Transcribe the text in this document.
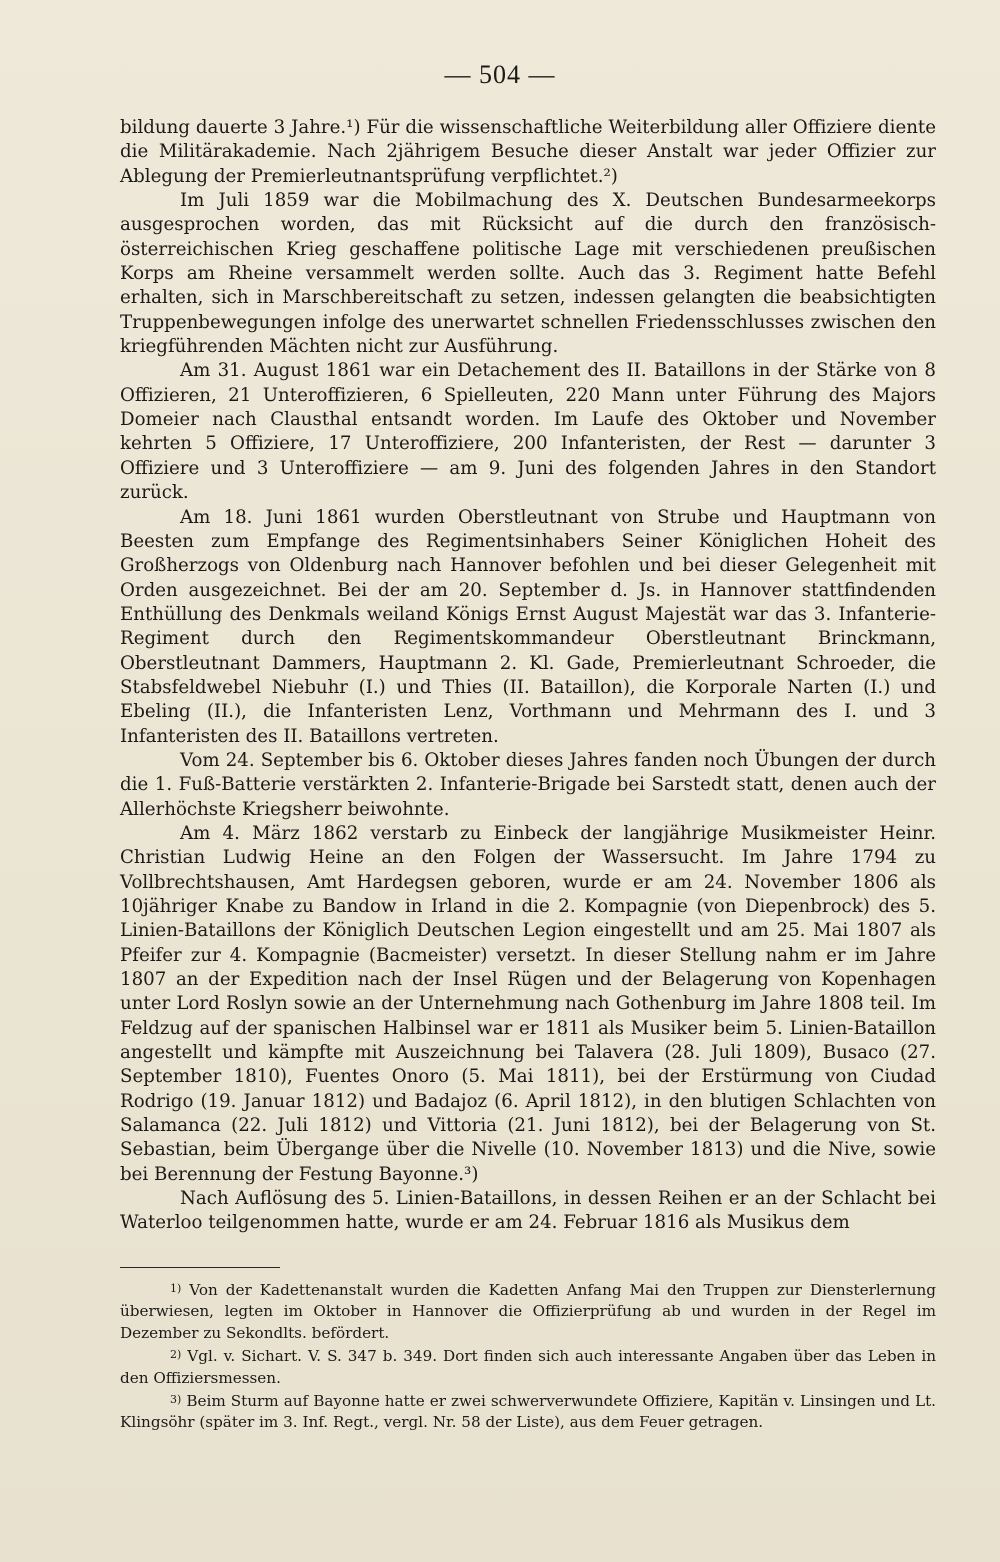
— 504 —

bildung dauerte 3 Jahre.¹) Für die wissenschaftliche Weiterbildung aller Offiziere diente die Militärakademie. Nach 2jährigem Besuche dieser Anstalt war jeder Offizier zur Ablegung der Premierleutnantsprüfung verpflichtet.²)

Im Juli 1859 war die Mobilmachung des X. Deutschen Bundesarmeekorps ausgesprochen worden, das mit Rücksicht auf die durch den französisch-österreichischen Krieg geschaffene politische Lage mit verschiedenen preußischen Korps am Rheine versammelt werden sollte. Auch das 3. Regiment hatte Befehl erhalten, sich in Marschbereitschaft zu setzen, indessen gelangten die beabsichtigten Truppenbewegungen infolge des unerwartet schnellen Friedensschlusses zwischen den kriegführenden Mächten nicht zur Ausführung.

Am 31. August 1861 war ein Detachement des II. Bataillons in der Stärke von 8 Offizieren, 21 Unteroffizieren, 6 Spielleuten, 220 Mann unter Führung des Majors Domeier nach Clausthal entsandt worden. Im Laufe des Oktober und November kehrten 5 Offiziere, 17 Unteroffiziere, 200 Infanteristen, der Rest — darunter 3 Offiziere und 3 Unteroffiziere — am 9. Juni des folgenden Jahres in den Standort zurück.

Am 18. Juni 1861 wurden Oberstleutnant von Strube und Hauptmann von Beesten zum Empfange des Regimentsinhabers Seiner Königlichen Hoheit des Großherzogs von Oldenburg nach Hannover befohlen und bei dieser Gelegenheit mit Orden ausgezeichnet. Bei der am 20. September d. Js. in Hannover stattfindenden Enthüllung des Denkmals weiland Königs Ernst August Majestät war das 3. Infanterie-Regiment durch den Regimentskommandeur Oberstleutnant Brinckmann, Oberstleutnant Dammers, Hauptmann 2. Kl. Gade, Premierleutnant Schroeder, die Stabsfeldwebel Niebuhr (I.) und Thies (II. Bataillon), die Korporale Narten (I.) und Ebeling (II.), die Infanteristen Lenz, Vorthmann und Mehrmann des I. und 3 Infanteristen des II. Bataillons vertreten.

Vom 24. September bis 6. Oktober dieses Jahres fanden noch Übungen der durch die 1. Fuß-Batterie verstärkten 2. Infanterie-Brigade bei Sarstedt statt, denen auch der Allerhöchste Kriegsherr beiwohnte.

Am 4. März 1862 verstarb zu Einbeck der langjährige Musikmeister Heinr. Christian Ludwig Heine an den Folgen der Wassersucht. Im Jahre 1794 zu Vollbrechtshausen, Amt Hardegsen geboren, wurde er am 24. November 1806 als 10jähriger Knabe zu Bandow in Irland in die 2. Kompagnie (von Diepenbrock) des 5. Linien-Bataillons der Königlich Deutschen Legion eingestellt und am 25. Mai 1807 als Pfeifer zur 4. Kompagnie (Bacmeister) versetzt. In dieser Stellung nahm er im Jahre 1807 an der Expedition nach der Insel Rügen und der Belagerung von Kopenhagen unter Lord Roslyn sowie an der Unternehmung nach Gothenburg im Jahre 1808 teil. Im Feldzug auf der spanischen Halbinsel war er 1811 als Musiker beim 5. Linien-Bataillon angestellt und kämpfte mit Auszeichnung bei Talavera (28. Juli 1809), Busaco (27. September 1810), Fuentes Onoro (5. Mai 1811), bei der Erstürmung von Ciudad Rodrigo (19. Januar 1812) und Badajoz (6. April 1812), in den blutigen Schlachten von Salamanca (22. Juli 1812) und Vittoria (21. Juni 1812), bei der Belagerung von St. Sebastian, beim Übergange über die Nivelle (10. November 1813) und die Nive, sowie bei Berennung der Festung Bayonne.³)

Nach Auflösung des 5. Linien-Bataillons, in dessen Reihen er an der Schlacht bei Waterloo teilgenommen hatte, wurde er am 24. Februar 1816 als Musikus dem

1) Von der Kadettenanstalt wurden die Kadetten Anfang Mai den Truppen zur Diensterlernung überwiesen, legten im Oktober in Hannover die Offizierprüfung ab und wurden in der Regel im Dezember zu Sekondlts. befördert.

2) Vgl. v. Sichart. V. S. 347 b. 349. Dort finden sich auch interessante Angaben über das Leben in den Offiziersmessen.

3) Beim Sturm auf Bayonne hatte er zwei schwerverwundete Offiziere, Kapitän v. Linsingen und Lt. Klingsöhr (später im 3. Inf. Regt., vergl. Nr. 58 der Liste), aus dem Feuer getragen.
